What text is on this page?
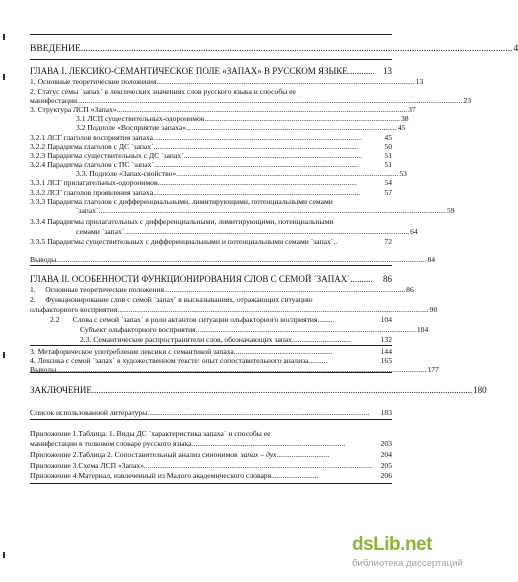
ВВЕДЕНИЕ .................................................................................................................................................................................... 4
ГЛАВА I. ЛЕКСИКО-СЕМАНТИЧЕСКОЕ ПОЛЕ «ЗАПАХ» В РУССКОМ ЯЗЫКЕ ............ 13
1. Основные теоретические положения ........................................................................................................................................ 13
2. Статус семы ´запах´ в лексических значениях слов русского языка и способы ее
манифестации ........................................................................................................................................................................................................... 23
3. Структура ЛСП «Запах» ......................................................................................................................................................... 37
3.1 ЛСП существительных-одоронимов ....................................................................................................... 38
3.2 Подполе «Восприятие запаха» ............................................................................................................... 45
3.2.1 ЛСГ глаголов восприятия запаха ..............................................................................................................	45
3.2.2 Парадигма глаголов с ДС ´запах´ ............................................................................................................	50
3.2.3 Парадигма существительных с ДС ´запах´ ..............................................................................................	51
3.2.4 Парадигма глаголов с ПС ´запах´ ............................................................................................................	51
3.3. Подполе «Запах-свойство» ..................................................................................................................... 53
3.3.1 ЛСГ прилагательных-одоронимов .........................................................................................................	54
3.3.2 ЛСГ глаголов проявления запаха .............................................................................................................	57
3.3.3 Парадигма глаголов с дифференциальными, лимитирующими, потенциальными семами
´запах´ ....................................................................................................................................................................................... 59
3.3.4 Парадигмы прилагательных с дифференциальными, лимитирующими, потенциальными
семами ´запах´ ...................................................................................................................................................... 64
3.3.5 Парадигмы существительных с дифференциальными и потенциальными семами ´запах´ ..	72
Выводы ................................................................................................................................................................................................... 84
ГЛАВА II. ОСОБЕННОСТИ ФУНКЦИОНИРОВАНИЯ СЛОВ С СЕМОЙ ´ЗАПАХ´ ..........	86
1.     Основные теоретические положения ............................................................................................................................... 86
2.     Функционирование слов с семой ´запах´ в высказываниях, отражающих ситуацию
ольфакторного восприятия .................................................................................................................................................................... 90
2.2       Слова с семой ´запах´ в роли актантов ситуации ольфакторного восприятия .........	104
Субъект ольфакторного восприятия .................................................................................................................... 104
2.3. Семантические распространители слов, обозначающих запах ...............................	132
3. Метафорическое употребление лексики с семантикой запаха ....................................................	144
4. Лексика с семой ´запах´ в художественном тексте: опыт сопоставительного анализа ..........	165
Выводы ................................................................................................................................................................................................... 177
ЗАКЛЮЧЕНИЕ ......................................................................................................................................................................... 180
Список использованной литературы .....................................................................................................................	183
Приложение 1.Таблица. 1. Виды ДС ´характеристика запаха´ и способы ее
манифестации в толковом словаре русского языка .................................................................................	203
Приложение 2.Таблица 2. Сопоставительный анализ синонимов запах – дух ............................	204
Приложение 3.Схема ЛСП «Запах» ........................................................................................................................	205
Приложение 4.Материал, извлеченный из Малого академического словаря .........................	206
dsLib.net
библиотека диссертаций
